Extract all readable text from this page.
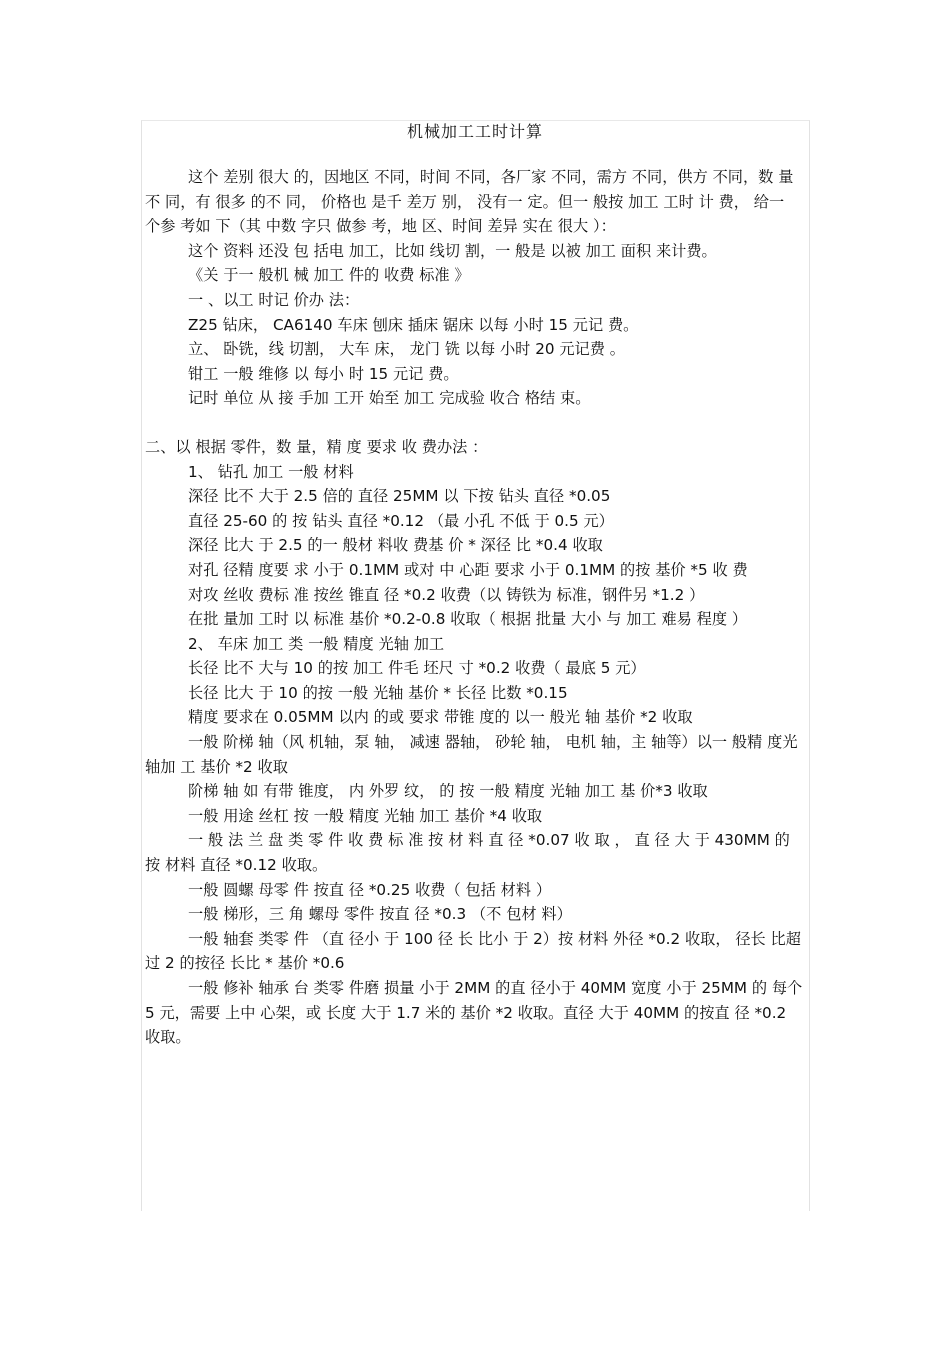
机械加工工时计算

这个 差别 很大 的，因地区 不同，时间 不同，各厂家 不同，需方 不同，供方 不同，数 量不 同，有 很多 的不 同， 价格也 是千 差万 别， 没有一 定。但一 般按 加工 工时 计 费， 给一 个参 考如 下（其 中数 字只 做参 考，地 区、时间 差异 实在 很大 ）：

这个 资料 还没 包 括电 加工，比如 线切 割，一 般是 以被 加工 面积 来计费。

《关 于一 般机 械 加工 件的 收费 标准 》

一 、以工 时记 价办 法：

Z25 钻床， CA6140 车床 刨床 插床 锯床 以每 小时 15 元记 费。

立、 卧铣，线 切割， 大车 床， 龙门 铣 以每 小时 20 元记费 。

钳工 一般 维修 以 每小 时 15 元记 费。

记时 单位 从 接 手加 工开 始至 加工 完成验 收合 格结 束。

二、以 根据 零件，数 量，精 度 要求 收 费办法 ：

1、 钻孔 加工 一般 材料

深径 比不 大于 2.5 倍的 直径 25MM 以 下按 钻头 直径 *0.05

直径 25-60 的 按 钻头 直径 *0.12 （最 小孔 不低 于 0.5 元）

深径 比大 于 2.5 的一 般材 料收 费基 价 * 深径 比 *0.4 收取

对孔 径精 度要 求 小于 0.1MM 或对 中 心距 要求 小于 0.1MM 的按 基价 *5 收 费

对攻 丝收 费标 准 按丝 锥直 径 *0.2 收费（以 铸铁为 标准，钢件另 *1.2 ）

在批 量加 工时 以 标准 基价 *0.2-0.8 收取（ 根据 批量 大小 与 加工 难易 程度 ）

2、 车床 加工 类 一般 精度 光轴 加工

长径 比不 大与 10 的按 加工 件毛 坯尺 寸 *0.2 收费（ 最底 5 元）

长径 比大 于 10 的按 一般 光轴 基价 * 长径 比数 *0.15

精度 要求在 0.05MM 以内 的或 要求 带锥 度的 以一 般光 轴 基价 *2 收取

一般 阶梯 轴（风 机轴，泵 轴， 减速 器轴， 砂轮 轴， 电机 轴，主 轴等）以一 般精 度光 轴加 工 基价 *2 收取

阶梯 轴 如 有带 锥度， 内 外罗 纹， 的 按 一般 精度 光轴 加工 基 价*3 收取

一般 用途 丝杠 按 一般 精度 光轴 加工 基价 *4 收取

一 般 法 兰 盘 类 零 件 收 费 标 准 按 材 料 直 径 *0.07 收 取 ， 直 径 大 于 430MM 的按 材料 直径 *0.12 收取。

一般 圆螺 母零 件 按直 径 *0.25 收费（ 包括 材料 ）

一般 梯形，三 角 螺母 零件 按直 径 *0.3 （不 包材 料）

一般 轴套 类零 件 （直 径小 于 100 径 长 比小 于 2）按 材料 外径 *0.2 收取， 径长 比超 过 2 的按径 长比 * 基价 *0.6

一般 修补 轴承 台 类零 件磨 损量 小于 2MM 的直 径小于 40MM 宽度 小于 25MM 的 每个 5 元，需要 上中 心架，或 长度 大于 1.7 米的 基价 *2 收取。直径 大于 40MM 的按直 径 *0.2 收取。
